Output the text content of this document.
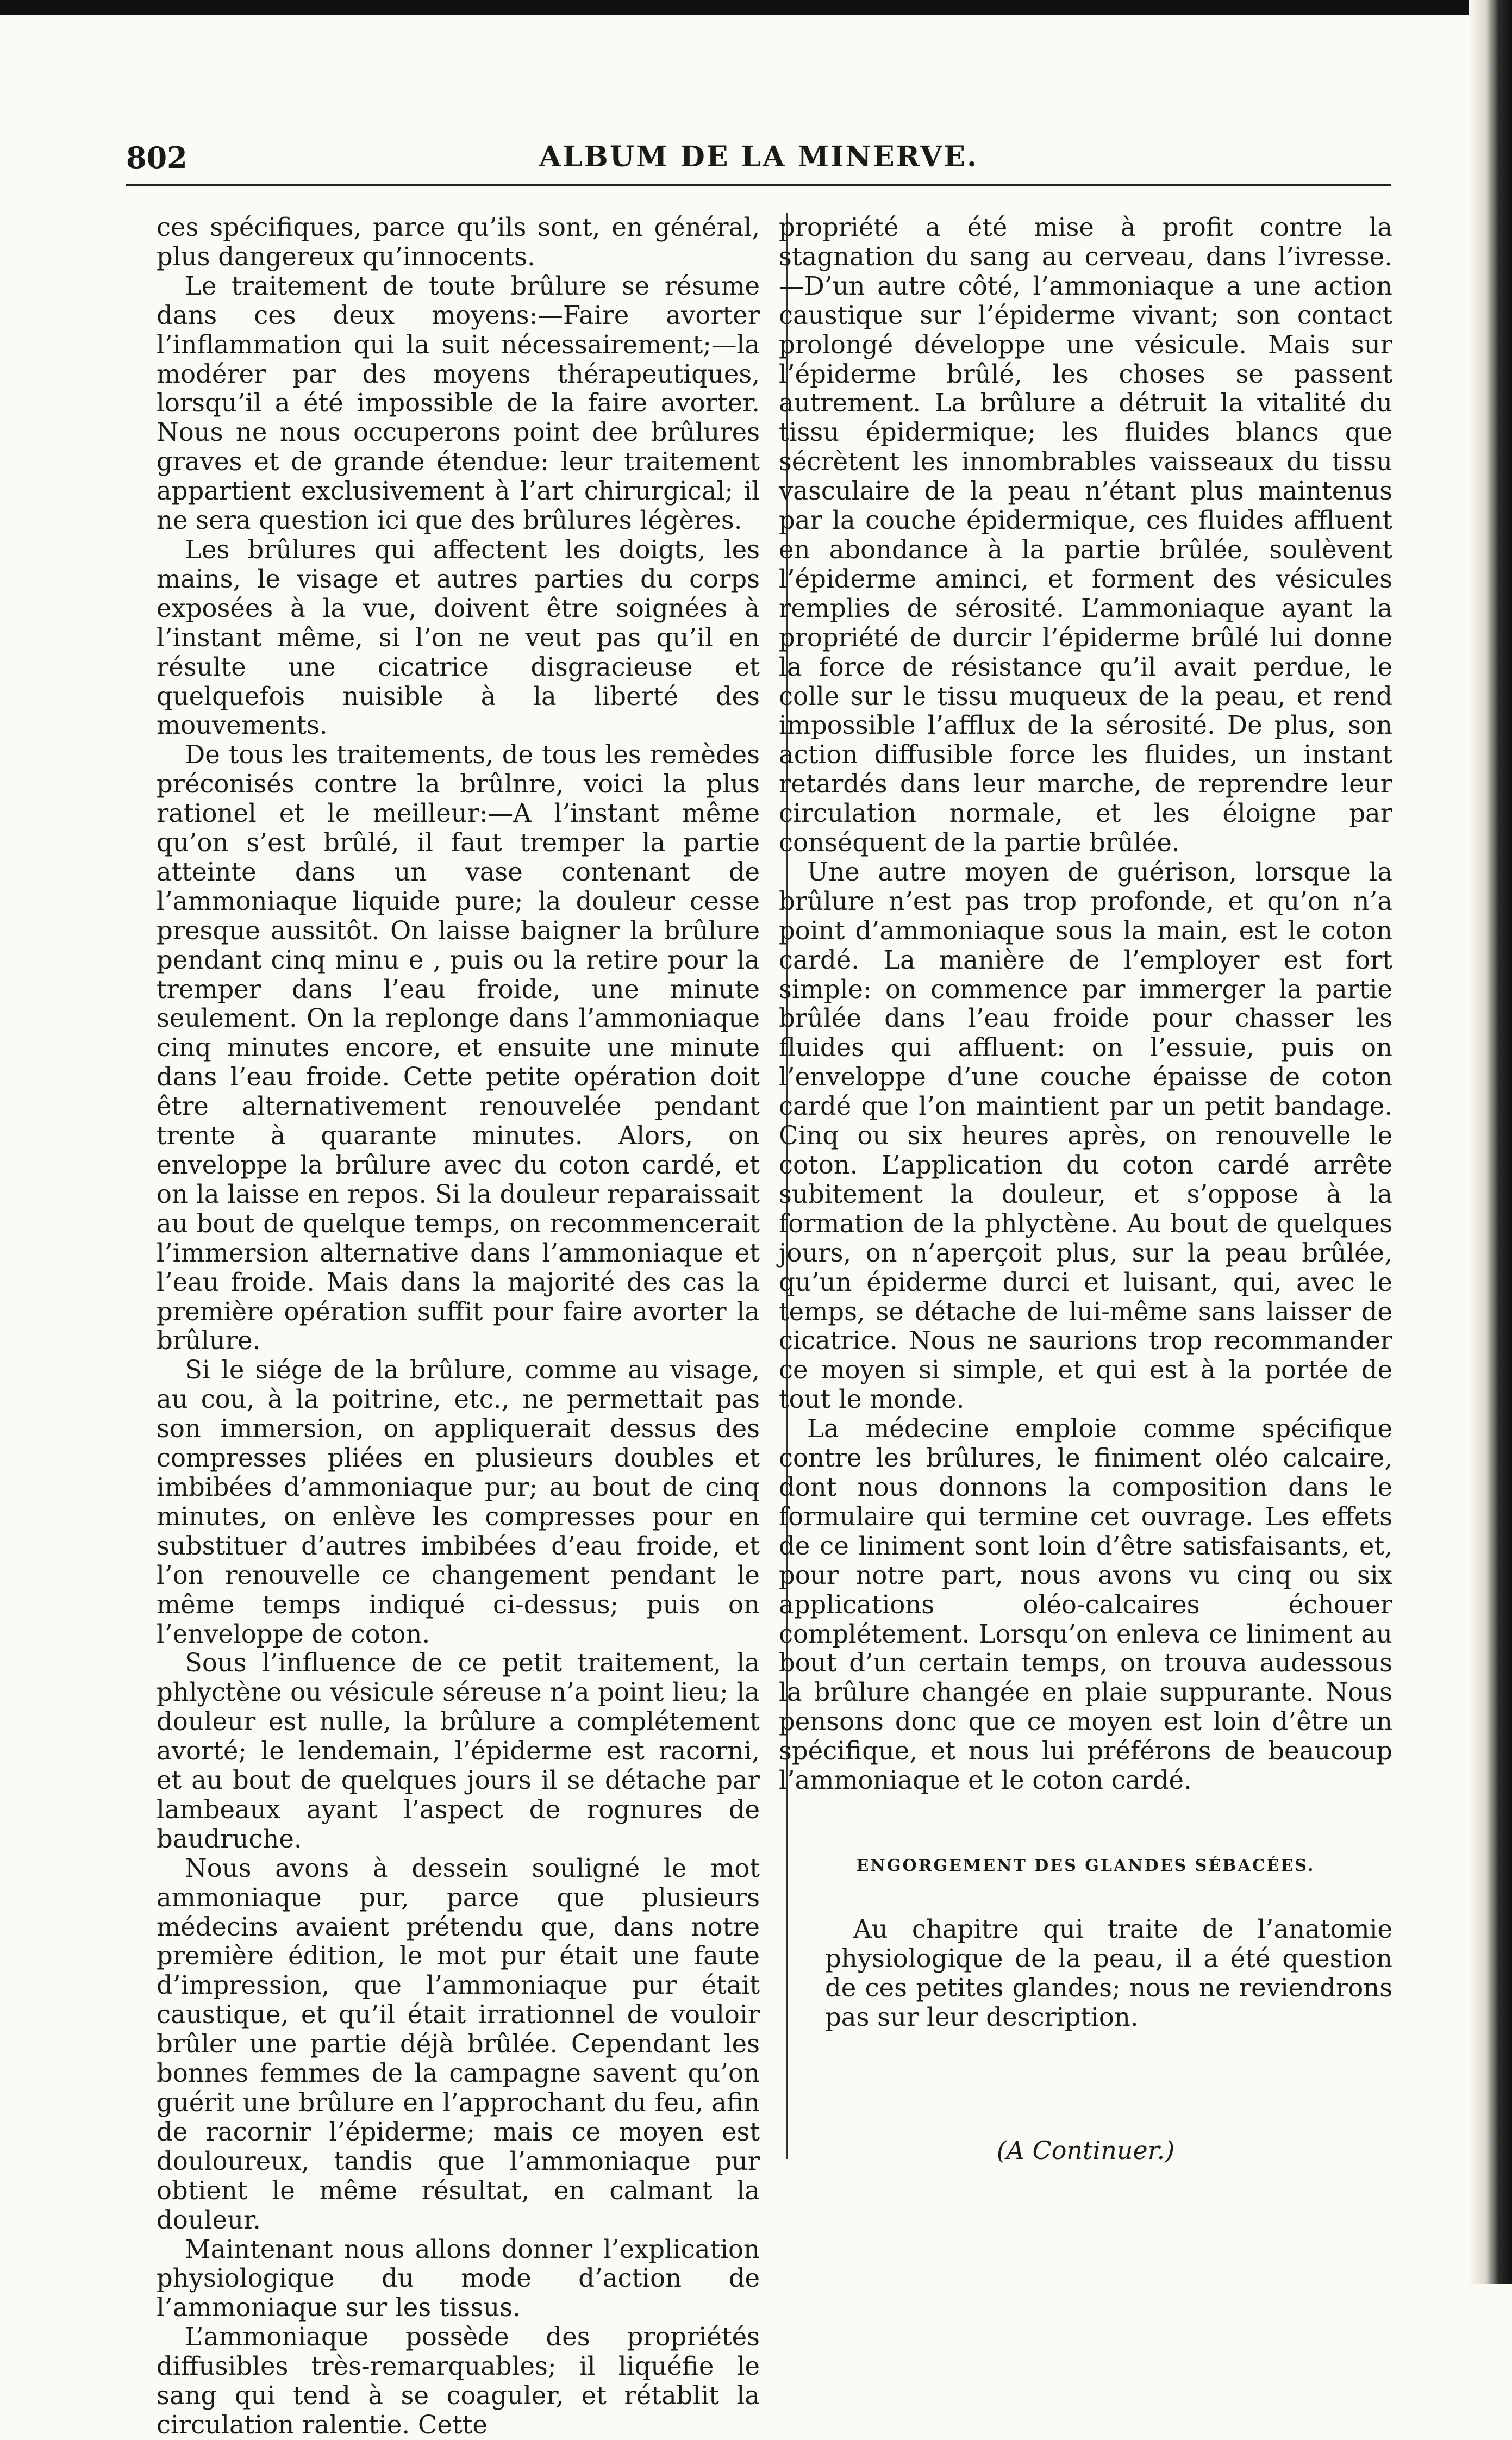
802	ALBUM DE LA MINERVE.

ces spécifiques, parce qu’ils sont, en général, plus dangereux qu’innocents.

Le traitement de toute brûlure se résume dans ces deux moyens:—Faire avorter l’inflammation qui la suit nécessairement;—la modérer par des moyens thérapeutiques, lorsqu’il a été impossible de la faire avorter. Nous ne nous occuperons point dee brûlures graves et de grande étendue: leur traitement appartient exclusivement à l’art chirurgical; il ne sera question ici que des brûlures légères.

Les brûlures qui affectent les doigts, les mains, le visage et autres parties du corps exposées à la vue, doivent être soignées à l’instant même, si l’on ne veut pas qu’il en résulte une cicatrice disgracieuse et quelquefois nuisible à la liberté des mouvements.

De tous les traitements, de tous les remèdes préconisés contre la brûlnre, voici la plus rationel et le meilleur:—A l’instant même qu’on s’est brûlé, il faut tremper la partie atteinte dans un vase contenant de l’ammoniaque liquide pure; la douleur cesse presque aussitôt. On laisse baigner la brûlure pendant cinq minu e , puis ou la retire pour la tremper dans l’eau froide, une minute seulement. On la replonge dans l’ammoniaque cinq minutes encore, et ensuite une minute dans l’eau froide. Cette petite opération doit être alternativement renouvelée pendant trente à quarante minutes. Alors, on enveloppe la brûlure avec du coton cardé, et on la laisse en repos. Si la douleur reparaissait au bout de quelque temps, on recommencerait l’immersion alternative dans l’ammoniaque et l’eau froide. Mais dans la majorité des cas la première opération suffit pour faire avorter la brûlure.

Si le siége de la brûlure, comme au visage, au cou, à la poitrine, etc., ne permettait pas son immersion, on appliquerait dessus des compresses pliées en plusieurs doubles et imbibées d’ammoniaque pur; au bout de cinq minutes, on enlève les compresses pour en substituer d’autres imbibées d’eau froide, et l’on renouvelle ce changement pendant le même temps indiqué ci-dessus; puis on l’enveloppe de coton.

Sous l’influence de ce petit traitement, la phlyctène ou vésicule séreuse n’a point lieu; la douleur est nulle, la brûlure a complétement avorté; le lendemain, l’épiderme est racorni, et au bout de quelques jours il se détache par lambeaux ayant l’aspect de rognures de baudruche.

Nous avons à dessein souligné le mot ammoniaque pur, parce que plusieurs médecins avaient prétendu que, dans notre première édition, le mot pur était une faute d’impression, que l’ammoniaque pur était caustique, et qu’il était irrationnel de vouloir brûler une partie déjà brûlée. Cependant les bonnes femmes de la campagne savent qu’on guérit une brûlure en l’approchant du feu, afin de racornir l’épiderme; mais ce moyen est douloureux, tandis que l’ammoniaque pur obtient le même résultat, en calmant la douleur.

Maintenant nous allons donner l’explication physiologique du mode d’action de l’ammoniaque sur les tissus.

L’ammoniaque possède des propriétés diffusibles très-remarquables; il liquéfie le sang qui tend à se coaguler, et rétablit la circulation ralentie. Cette

propriété a été mise à profit contre la stagnation du sang au cerveau, dans l’ivresse.—D’un autre côté, l’ammoniaque a une action caustique sur l’épiderme vivant; son contact prolongé développe une vésicule. Mais sur l’épiderme brûlé, les choses se passent autrement. La brûlure a détruit la vitalité du tissu épidermique; les fluides blancs que sécrètent les innombrables vaisseaux du tissu vasculaire de la peau n’étant plus maintenus par la couche épidermique, ces fluides affluent en abondance à la partie brûlée, soulèvent l’épiderme aminci, et forment des vésicules remplies de sérosité. L’ammoniaque ayant la propriété de durcir l’épiderme brûlé lui donne la force de résistance qu’il avait perdue, le colle sur le tissu muqueux de la peau, et rend impossible l’afflux de la sérosité. De plus, son action diffusible force les fluides, un instant retardés dans leur marche, de reprendre leur circulation normale, et les éloigne par conséquent de la partie brûlée.

Une autre moyen de guérison, lorsque la brûlure n’est pas trop profonde, et qu’on n’a point d’ammoniaque sous la main, est le coton cardé. La manière de l’employer est fort simple: on commence par immerger la partie brûlée dans l’eau froide pour chasser les fluides qui affluent: on l’essuie, puis on l’enveloppe d’une couche épaisse de coton cardé que l’on maintient par un petit bandage. Cinq ou six heures après, on renouvelle le coton. L’application du coton cardé arrête subitement la douleur, et s’oppose à la formation de la phlyctène. Au bout de quelques jours, on n’aperçoit plus, sur la peau brûlée, qu’un épiderme durci et luisant, qui, avec le temps, se détache de lui-même sans laisser de cicatrice. Nous ne saurions trop recommander ce moyen si simple, et qui est à la portée de tout le monde.

La médecine emploie comme spécifique contre les brûlures, le finiment oléo calcaire, dont nous donnons la composition dans le formulaire qui termine cet ouvrage. Les effets de ce liniment sont loin d’être satisfaisants, et, pour notre part, nous avons vu cinq ou six applications oléo-calcaires échouer complétement. Lorsqu’on enleva ce liniment au bout d’un certain temps, on trouva audessous la brûlure changée en plaie suppurante. Nous pensons donc que ce moyen est loin d’être un spécifique, et nous lui préférons de beaucoup l’ammoniaque et le coton cardé.

ENGORGEMENT DES GLANDES SÉBACÉES.

Au chapitre qui traite de l’anatomie physiologique de la peau, il a été question de ces petites glandes; nous ne reviendrons pas sur leur description.

(A Continuer.)
